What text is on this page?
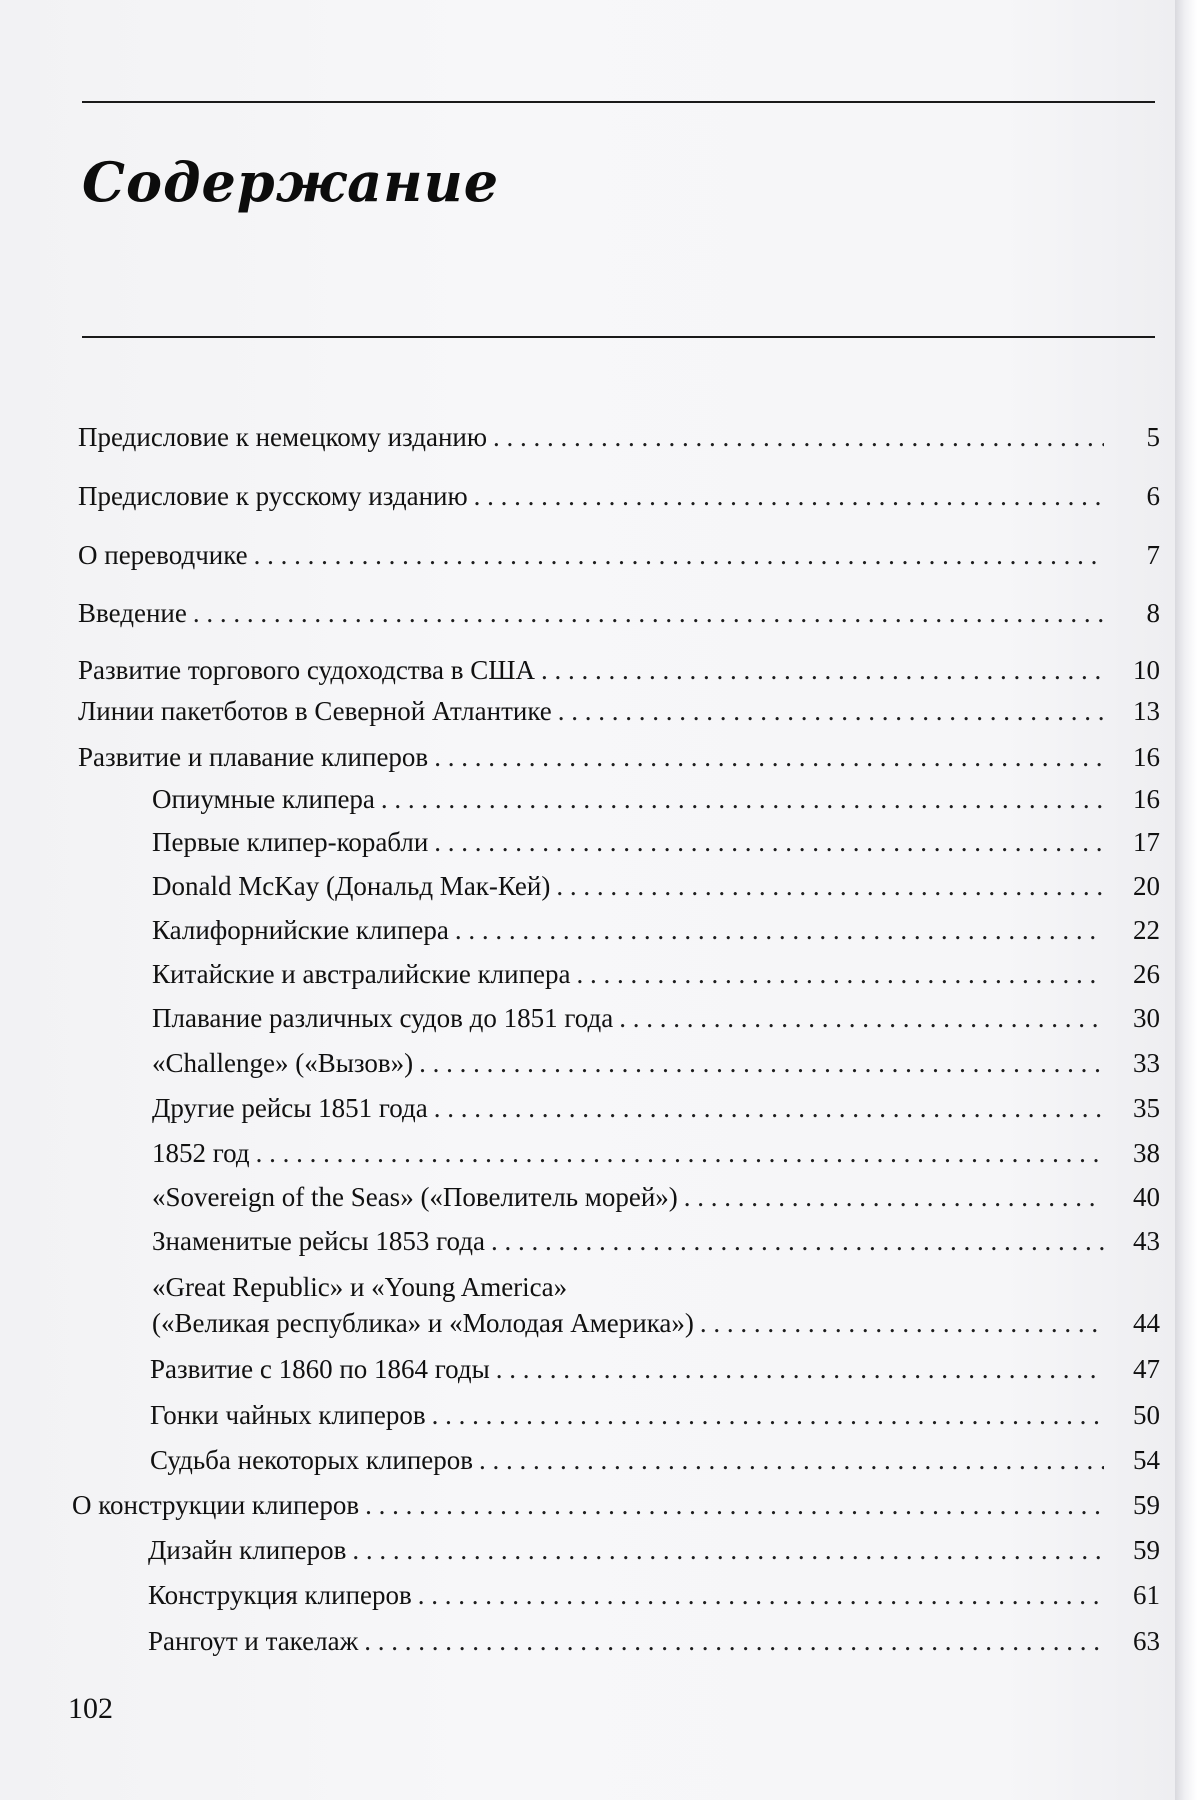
Содержание
Предисловие к немецкому изданию . . .	5
Предисловие к русскому изданию . . .	6
О переводчике . . .	7
Введение . . .	8
Развитие торгового судоходства в США . . .	10
Линии пакетботов в Северной Атлантике . . .	13
Развитие и плавание клиперов . . .	16
Опиумные клипера . . .	16
Первые клипер-корабли . . .	17
Donald McKay (Дональд Мак-Кей) . . .	20
Калифорнийские клипера . . .	22
Китайские и австралийские клипера . . .	26
Плавание различных судов до 1851 года . . .	30
«Challenge» («Вызов») . . .	33
Другие рейсы 1851 года . . .	35
1852 год . . .	38
«Sovereign of the Seas» («Повелитель морей») . . .	40
Знаменитые рейсы 1853 года . . .	43
«Great Republic» и «Young America»
(«Великая республика» и «Молодая Америка») . . .	44
Развитие с 1860 по 1864 годы . . .	47
Гонки чайных клиперов . . .	50
Судьба некоторых клиперов . . .	54
О конструкции клиперов . . .	59
Дизайн клиперов . . .	59
Конструкция клиперов . . .	61
Рангоут и такелаж . . .	63
102
